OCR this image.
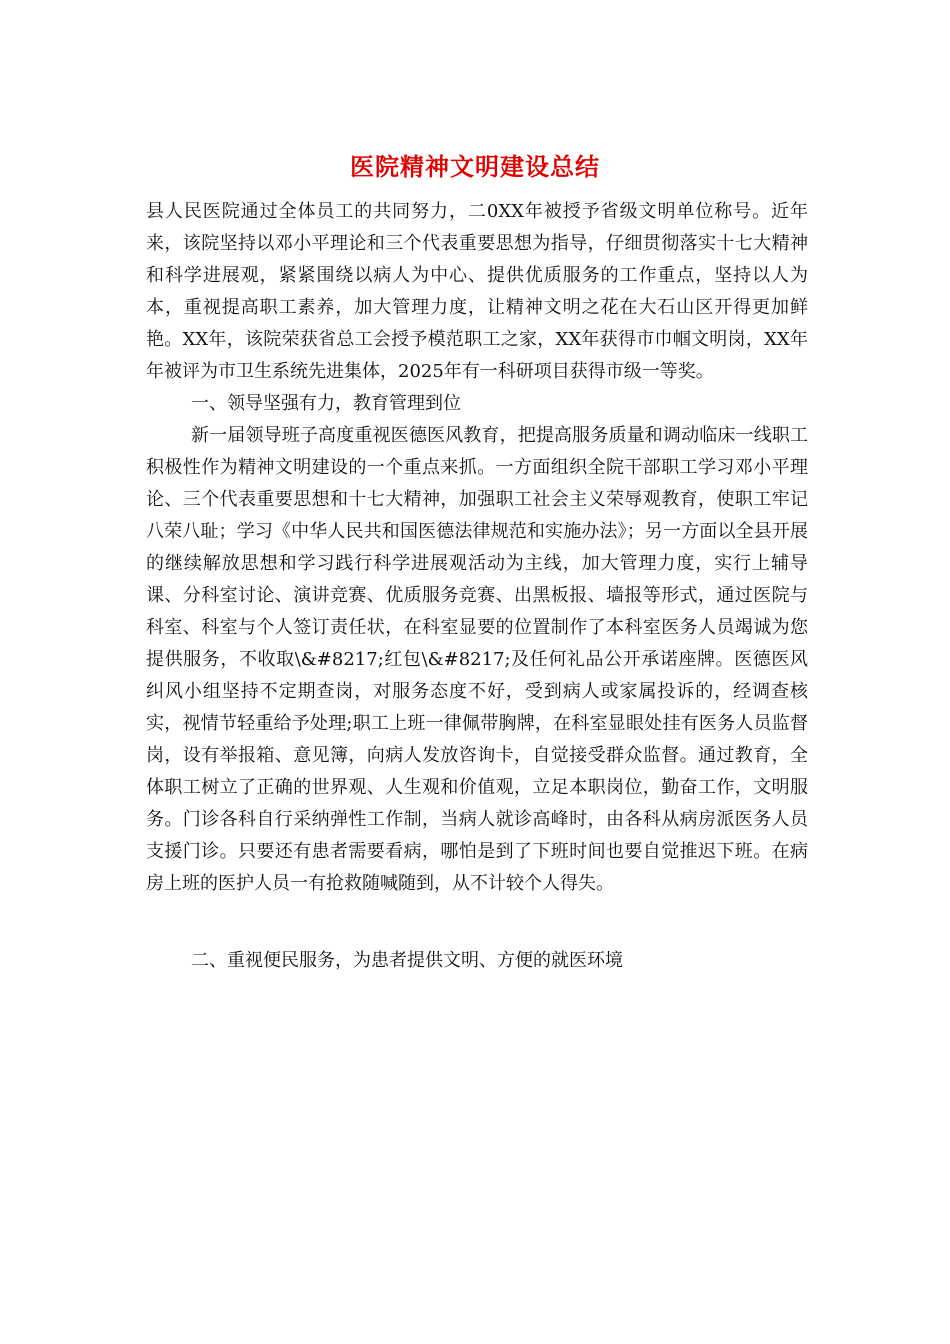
医院精神文明建设总结

县人民医院通过全体员工的共同努力，二0XX年被授予省级文明单位称号。近年来，该院坚持以邓小平理论和三个代表重要思想为指导，仔细贯彻落实十七大精神和科学进展观，紧紧围绕以病人为中心、提供优质服务的工作重点，坚持以人为本，重视提高职工素养，加大管理力度，让精神文明之花在大石山区开得更加鲜艳。XX年，该院荣获省总工会授予模范职工之家，XX年获得市巾帼文明岗，XX年年被评为市卫生系统先进集体，2025年有一科研项目获得市级一等奖。

一、领导坚强有力，教育管理到位

新一届领导班子高度重视医德医风教育，把提高服务质量和调动临床一线职工积极性作为精神文明建设的一个重点来抓。一方面组织全院干部职工学习邓小平理论、三个代表重要思想和十七大精神，加强职工社会主义荣辱观教育，使职工牢记八荣八耻；学习《中华人民共和国医德法律规范和实施办法》；另一方面以全县开展的继续解放思想和学习践行科学进展观活动为主线，加大管理力度，实行上辅导课、分科室讨论、演讲竞赛、优质服务竞赛、出黑板报、墙报等形式，通过医院与科室、科室与个人签订责任状，在科室显要的位置制作了本科室医务人员竭诚为您提供服务，不收取\&#8217;红包\&#8217;及任何礼品公开承诺座牌。医德医风纠风小组坚持不定期查岗，对服务态度不好，受到病人或家属投诉的，经调查核实，视情节轻重给予处理;职工上班一律佩带胸牌，在科室显眼处挂有医务人员监督岗，设有举报箱、意见簿，向病人发放咨询卡，自觉接受群众监督。通过教育，全体职工树立了正确的世界观、人生观和价值观，立足本职岗位，勤奋工作，文明服务。门诊各科自行采纳弹性工作制，当病人就诊高峰时，由各科从病房派医务人员支援门诊。只要还有患者需要看病，哪怕是到了下班时间也要自觉推迟下班。在病房上班的医护人员一有抢救随喊随到，从不计较个人得失。

二、重视便民服务，为患者提供文明、方便的就医环境
